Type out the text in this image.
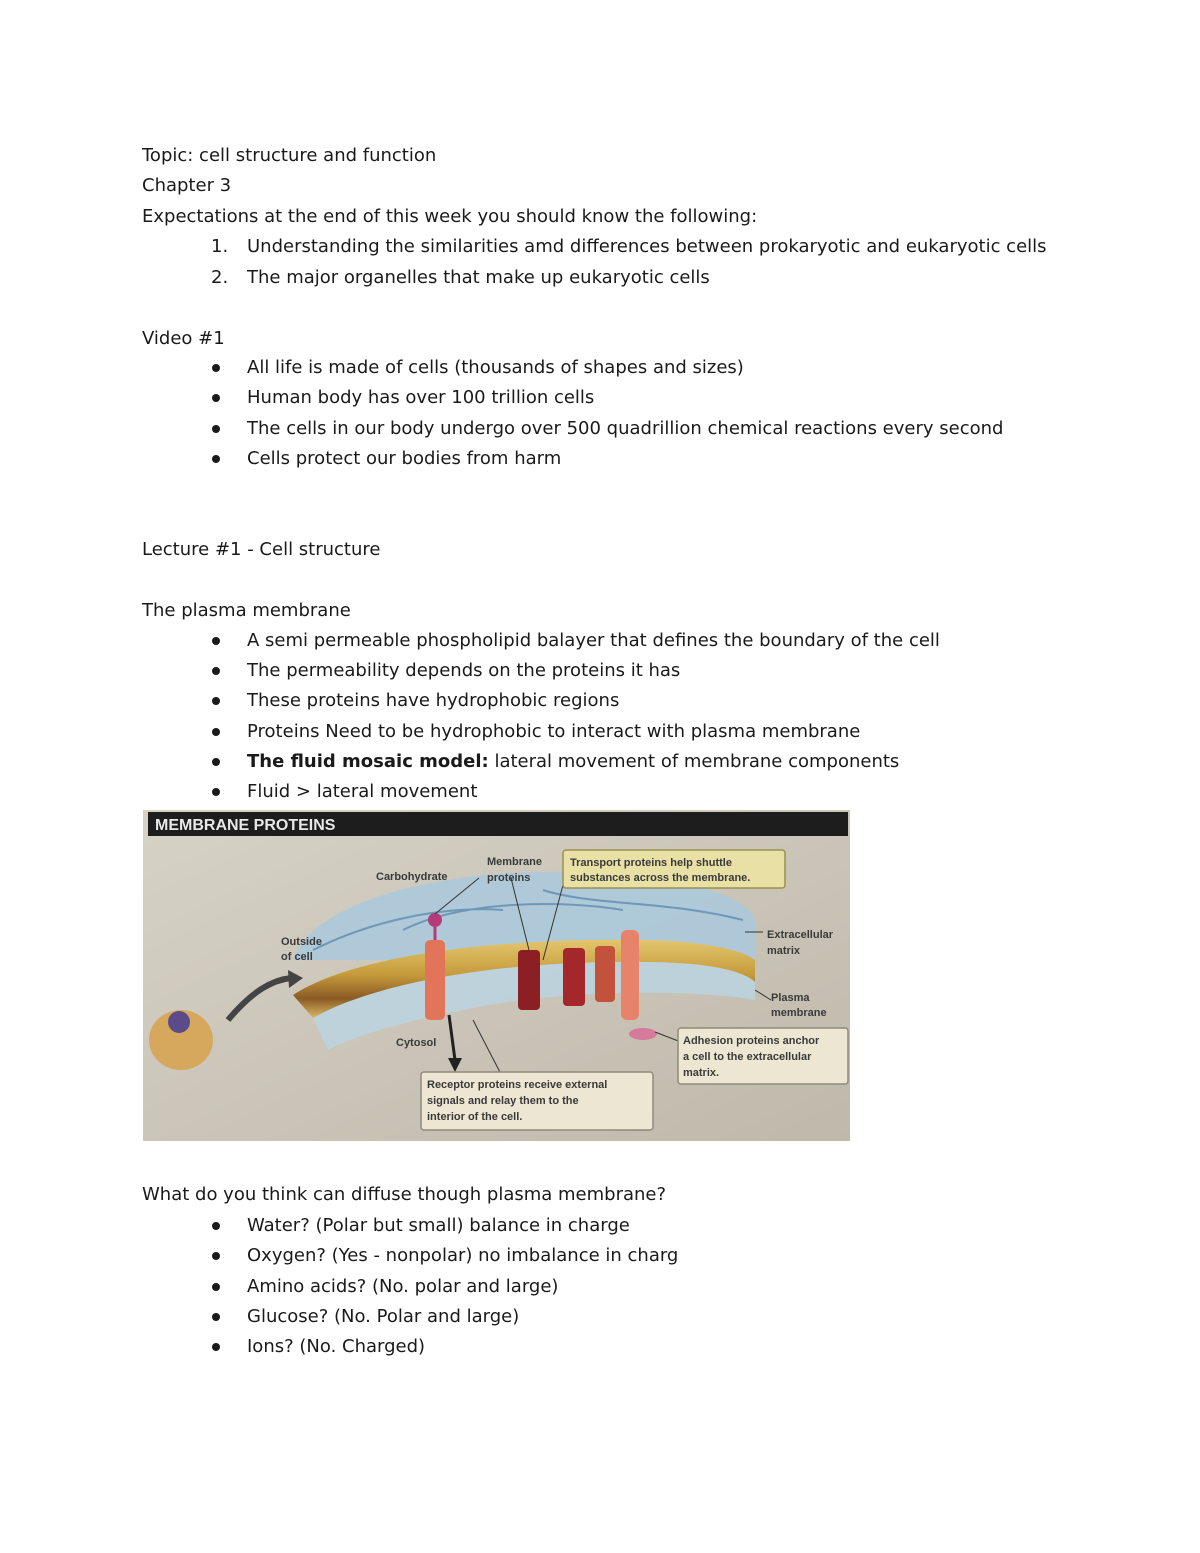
Topic: cell structure and function
Chapter 3
Expectations at the end of this week you should know the following:
1. Understanding the similarities amd differences between prokaryotic and eukaryotic cells
2. The major organelles that make up eukaryotic cells
Video #1
All life is made of cells (thousands of shapes and sizes)
Human body has over 100 trillion cells
The cells in our body undergo over 500 quadrillion chemical reactions every second
Cells protect our bodies from harm
Lecture #1 - Cell structure
The plasma membrane
A semi permeable phospholipid balayer that defines the boundary of the cell
The permeability depends on the proteins it has
These proteins have hydrophobic regions
Proteins Need to be hydrophobic to interact with plasma membrane
The fluid mosaic model: lateral movement of membrane components
Fluid > lateral movement
MEMBRANE PROTEINS
Carbohydrate
Membrane
proteins
Transport proteins help shuttle
substances across the membrane.
Outside
of cell
Extracellular
matrix
Plasma
membrane
Cytosol	Adhesion proteins anchor
a cell to the extracellular
matrix.
Receptor proteins receive external
signals and relay them to the
interior of the cell.
What do you think can diffuse though plasma membrane?
Water? (Polar but small) balance in charge
Oxygen? (Yes - nonpolar) no imbalance in charg
Amino acids? (No. polar and large)
Glucose? (No. Polar and large)
Ions? (No. Charged)
